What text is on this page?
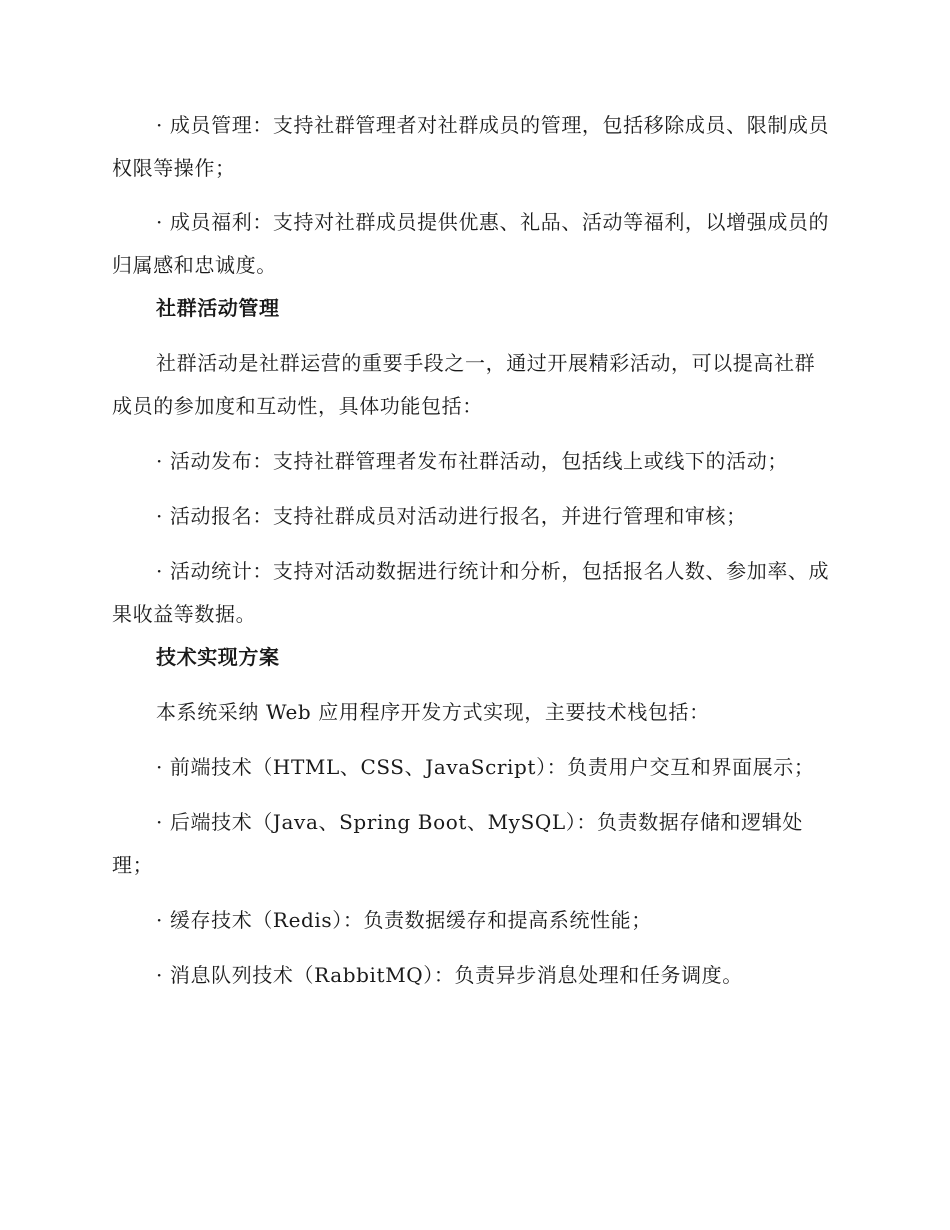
· 成员管理：支持社群管理者对社群成员的管理，包括移除成员、限制成员权限等操作；

· 成员福利：支持对社群成员提供优惠、礼品、活动等福利，以增强成员的归属感和忠诚度。

社群活动管理

社群活动是社群运营的重要手段之一，通过开展精彩活动，可以提高社群成员的参加度和互动性，具体功能包括：

· 活动发布：支持社群管理者发布社群活动，包括线上或线下的活动；

· 活动报名：支持社群成员对活动进行报名，并进行管理和审核；

· 活动统计：支持对活动数据进行统计和分析，包括报名人数、参加率、成果收益等数据。

技术实现方案

本系统采纳 Web 应用程序开发方式实现，主要技术栈包括：

· 前端技术（HTML、CSS、JavaScript）：负责用户交互和界面展示；

· 后端技术（Java、Spring Boot、MySQL）：负责数据存储和逻辑处理；

· 缓存技术（Redis）：负责数据缓存和提高系统性能；

· 消息队列技术（RabbitMQ）：负责异步消息处理和任务调度。
